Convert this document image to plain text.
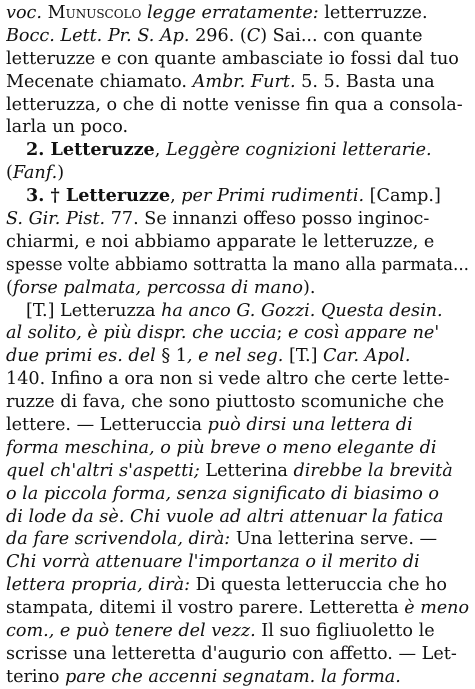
voc. Munuscolo legge erratamente: letterruzze.
Bocc. Lett. Pr. S. Ap. 296. (C) Sai... con quante
letteruzze e con quante ambasciate io fossi dal tuo
Mecenate chiamato. Ambr. Furt. 5. 5. Basta una
letteruzza, o che di notte venisse fin qua a consola-
larla un poco.
2. Letteruzze, Leggère cognizioni letterarie.
(Fanf.)
3. † Letteruzze, per Primi rudimenti. [Camp.]
S. Gir. Pist. 77. Se innanzi offeso posso inginoc-
chiarmi, e noi abbiamo apparate le letteruzze, e
spesse volte abbiamo sottratta la mano alla parmata...
(forse palmata, percossa di mano).
[T.] Letteruzza ha anco G. Gozzi. Questa desin.
al solito, è più dispr. che uccia; e così appare ne'
due primi es. del § 1, e nel seg. [T.] Car. Apol.
140. Infino a ora non si vede altro che certe lette-
ruzze di fava, che sono piuttosto scomuniche che
lettere. — Letteruccia può dirsi una lettera di
forma meschina, o più breve o meno elegante di
quel ch'altri s'aspetti; Letterina direbbe la brevità
o la piccola forma, senza significato di biasimo o
di lode da sè. Chi vuole ad altri attenuar la fatica
da fare scrivendola, dirà: Una letterina serve. —
Chi vorrà attenuare l'importanza o il merito di
lettera propria, dirà: Di questa letteruccia che ho
stampata, ditemi il vostro parere. Letteretta è meno
com., e può tenere del vezz. Il suo figliuoletto le
scrisse una letteretta d'augurio con affetto. — Let-
terino pare che accenni segnatam. la forma.
